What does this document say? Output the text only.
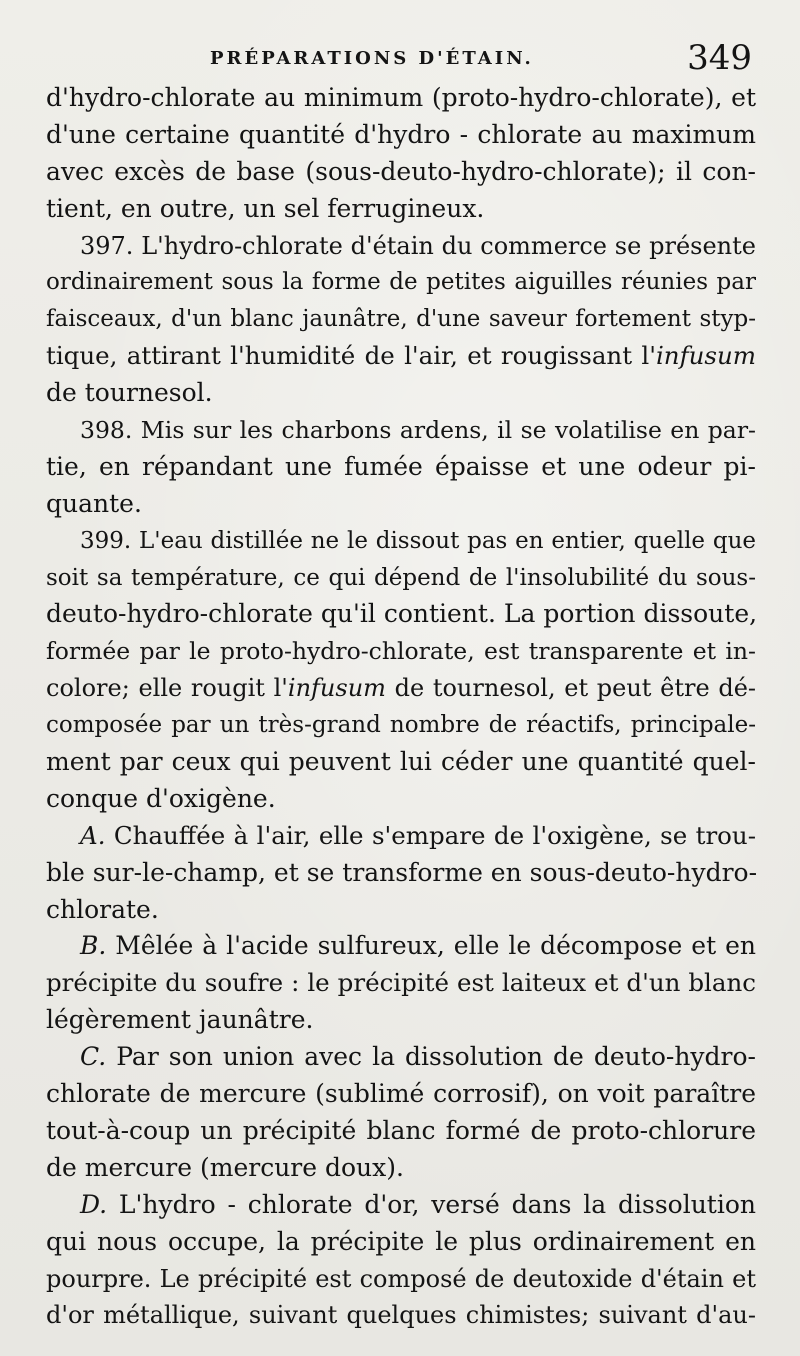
PRÉPARATIONS D'ÉTAIN.	349
d'hydro-chlorate au minimum (proto-hydro-chlorate), et
d'une certaine quantité d'hydro - chlorate au maximum
avec excès de base (sous-deuto-hydro-chlorate); il con-
tient, en outre, un sel ferrugineux.
397. L'hydro-chlorate d'étain du commerce se présente
ordinairement sous la forme de petites aiguilles réunies par
faisceaux, d'un blanc jaunâtre, d'une saveur fortement styp-
tique, attirant l'humidité de l'air, et rougissant l'infusum
de tournesol.
398. Mis sur les charbons ardens, il se volatilise en par-
tie, en répandant une fumée épaisse et une odeur pi-
quante.
399. L'eau distillée ne le dissout pas en entier, quelle que
soit sa température, ce qui dépend de l'insolubilité du sous-
deuto-hydro-chlorate qu'il contient. La portion dissoute,
formée par le proto-hydro-chlorate, est transparente et in-
colore; elle rougit l'infusum de tournesol, et peut être dé-
composée par un très-grand nombre de réactifs, principale-
ment par ceux qui peuvent lui céder une quantité quel-
conque d'oxigène.
A. Chauffée à l'air, elle s'empare de l'oxigène, se trou-
ble sur-le-champ, et se transforme en sous-deuto-hydro-
chlorate.
B. Mêlée à l'acide sulfureux, elle le décompose et en
précipite du soufre : le précipité est laiteux et d'un blanc
légèrement jaunâtre.
C. Par son union avec la dissolution de deuto-hydro-
chlorate de mercure (sublimé corrosif), on voit paraître
tout-à-coup un précipité blanc formé de proto-chlorure
de mercure (mercure doux).
D. L'hydro - chlorate d'or, versé dans la dissolution
qui nous occupe, la précipite le plus ordinairement en
pourpre. Le précipité est composé de deutoxide d'étain et
d'or métallique, suivant quelques chimistes; suivant d'au-
